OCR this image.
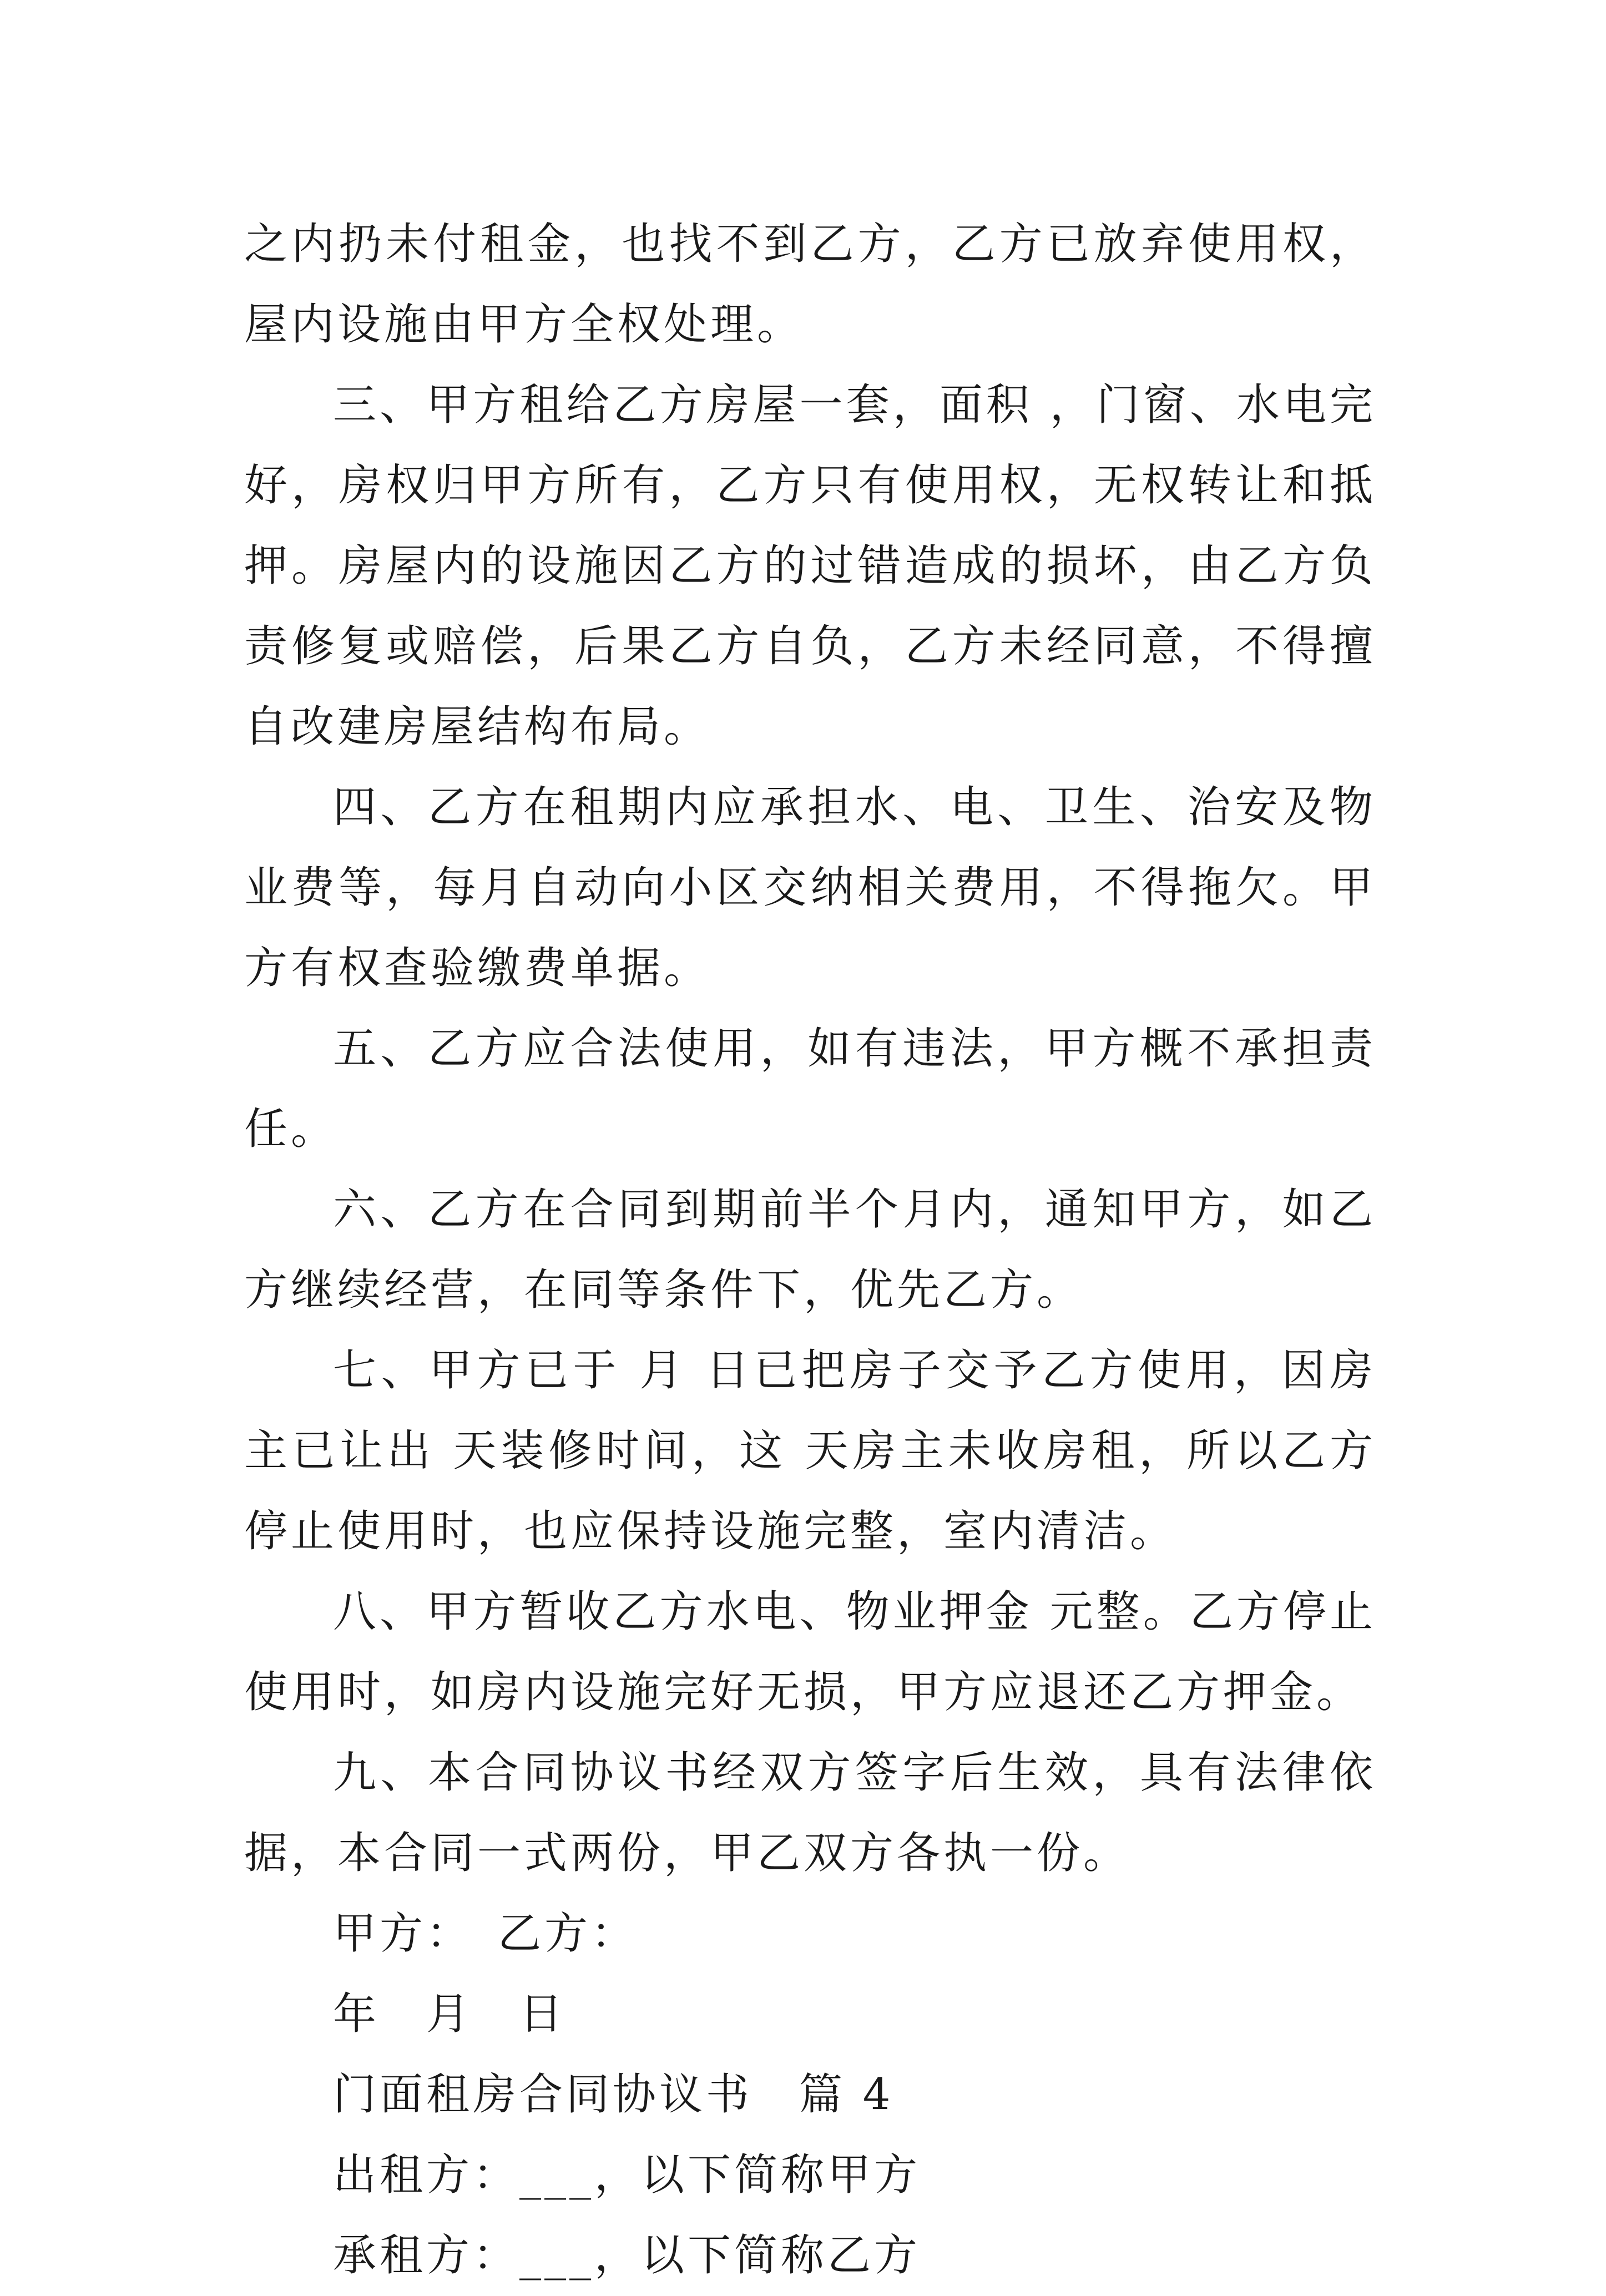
之内扔未付租金，也找不到乙方，乙方已放弃使用权，屋内设施由甲方全权处理。

三、甲方租给乙方房屋一套，面积 ，门窗、水电完好，房权归甲方所有，乙方只有使用权，无权转让和抵押。房屋内的设施因乙方的过错造成的损坏，由乙方负责修复或赔偿，后果乙方自负，乙方未经同意，不得擅自改建房屋结构布局。

四、乙方在租期内应承担水、电、卫生、治安及物业费等，每月自动向小区交纳相关费用，不得拖欠。甲方有权查验缴费单据。

五、乙方应合法使用，如有违法，甲方概不承担责任。

六、乙方在合同到期前半个月内，通知甲方，如乙方继续经营，在同等条件下，优先乙方。

七、甲方已于 月 日已把房子交予乙方使用，因房主已让出 天装修时间，这 天房主未收房租，所以乙方停止使用时，也应保持设施完整，室内清洁。

八、甲方暂收乙方水电、物业押金 元整。乙方停止使用时，如房内设施完好无损，甲方应退还乙方押金。

九、本合同协议书经双方签字后生效，具有法律依据，本合同一式两份，甲乙双方各执一份。

甲方：　乙方：

年　月　日

门面租房合同协议书　篇 4

出租方：___，以下简称甲方

承租方：___，以下简称乙方
